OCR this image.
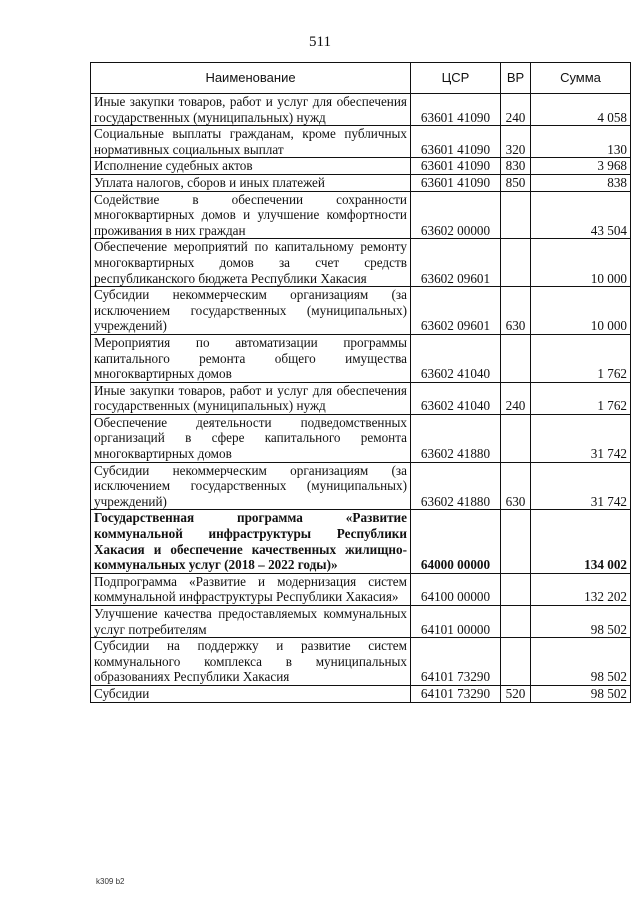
511
Наименование	ЦСР	ВР	Сумма
Иные закупки товаров, работ и услуг для обеспечения государственных (муниципальных) нужд	63601 41090	240	4 058
Социальные выплаты гражданам, кроме публичных нормативных социальных выплат	63601 41090	320	130
Исполнение судебных актов	63601 41090	830	3 968
Уплата налогов, сборов и иных платежей	63601 41090	850	838
Содействие в обеспечении сохранности многоквартирных домов и улучшение комфортности проживания в них граждан	63602 00000		43 504
Обеспечение мероприятий по капитальному ремонту многоквартирных домов за счет средств республиканского бюджета Республики Хакасия	63602 09601		10 000
Субсидии некоммерческим организациям (за исключением государственных (муниципальных) учреждений)	63602 09601	630	10 000
Мероприятия по автоматизации программы капитального ремонта общего имущества многоквартирных домов	63602 41040		1 762
Иные закупки товаров, работ и услуг для обеспечения государственных (муниципальных) нужд	63602 41040	240	1 762
Обеспечение деятельности подведомственных организаций в сфере капитального ремонта многоквартирных домов	63602 41880		31 742
Субсидии некоммерческим организациям (за исключением государственных (муниципальных) учреждений)	63602 41880	630	31 742
Государственная программа «Развитие коммунальной инфраструктуры Республики Хакасия и обеспечение качественных жилищно-коммунальных услуг (2018 – 2022 годы)»	64000 00000		134 002
Подпрограмма «Развитие и модернизация систем коммунальной инфраструктуры Республики Хакасия»	64100 00000		132 202
Улучшение качества предоставляемых коммунальных услуг потребителям	64101 00000		98 502
Субсидии на поддержку и развитие систем коммунального комплекса в муниципальных образованиях Республики Хакасия	64101 73290		98 502
Субсидии	64101 73290	520	98 502
k309 b2
